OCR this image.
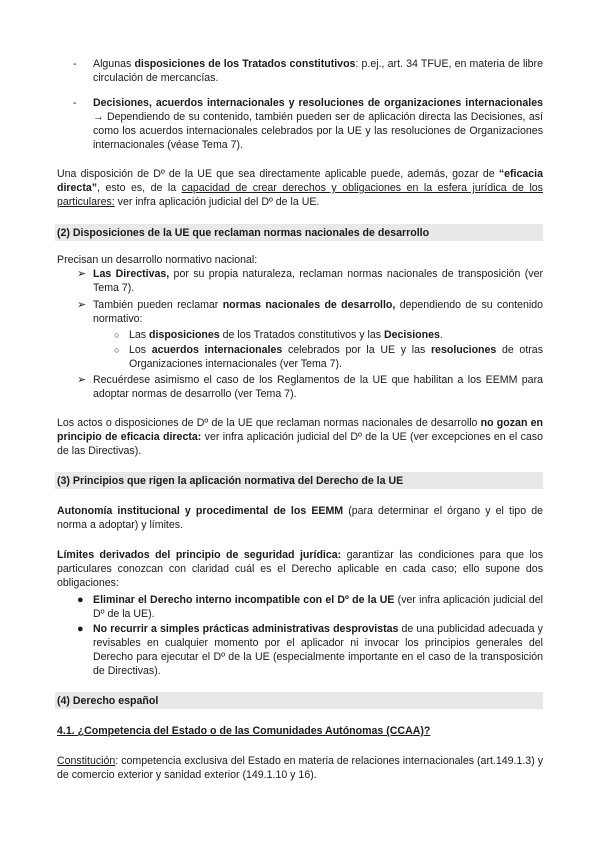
- Algunas disposiciones de los Tratados constitutivos: p.ej., art. 34 TFUE, en materia de libre circulación de mercancías.
- Decisiones, acuerdos internacionales y resoluciones de organizaciones internacionales → Dependiendo de su contenido, también pueden ser de aplicación directa las Decisiones, así como los acuerdos internacionales celebrados por la UE y las resoluciones de Organizaciones internacionales (véase Tema 7).

Una disposición de Dº de la UE que sea directamente aplicable puede, además, gozar de “eficacia directa”, esto es, de la capacidad de crear derechos y obligaciones en la esfera jurídica de los particulares: ver infra aplicación judicial del Dº de la UE.

(2) Disposiciones de la UE que reclaman normas nacionales de desarrollo

Precisan un desarrollo normativo nacional:

➢ Las Directivas, por su propia naturaleza, reclaman normas nacionales de transposición (ver Tema 7).
➢ También pueden reclamar normas nacionales de desarrollo, dependiendo de su contenido normativo:
○ Las disposiciones de los Tratados constitutivos y las Decisiones.
○ Los acuerdos internacionales celebrados por la UE y las resoluciones de otras Organizaciones internacionales (ver Tema 7).
➢ Recuérdese asimismo el caso de los Reglamentos de la UE que habilitan a los EEMM para adoptar normas de desarrollo (ver Tema 7).

Los actos o disposiciones de Dº de la UE que reclaman normas nacionales de desarrollo no gozan en principio de eficacia directa: ver infra aplicación judicial del Dº de la UE (ver excepciones en el caso de las Directivas).

(3) Principios que rigen la aplicación normativa del Derecho de la UE

Autonomía institucional y procedimental de los EEMM (para determinar el órgano y el tipo de norma a adoptar) y límites.

Límites derivados del principio de seguridad jurídica: garantizar las condiciones para que los particulares conozcan con claridad cuál es el Derecho aplicable en cada caso; ello supone dos obligaciones:

● Eliminar el Derecho interno incompatible con el Dº de la UE (ver infra aplicación judicial del Dº de la UE).
● No recurrir a simples prácticas administrativas desprovistas de una publicidad adecuada y revisables en cualquier momento por el aplicador ni invocar los principios generales del Derecho para ejecutar el Dº de la UE (especialmente importante en el caso de la transposición de Directivas).
(4) Derecho español
4.1. ¿Competencia del Estado o de las Comunidades Autónomas (CCAA)?

Constitución: competencia exclusiva del Estado en materia de relaciones internacionales (art.149.1.3) y de comercio exterior y sanidad exterior (149.1.10 y 16).
